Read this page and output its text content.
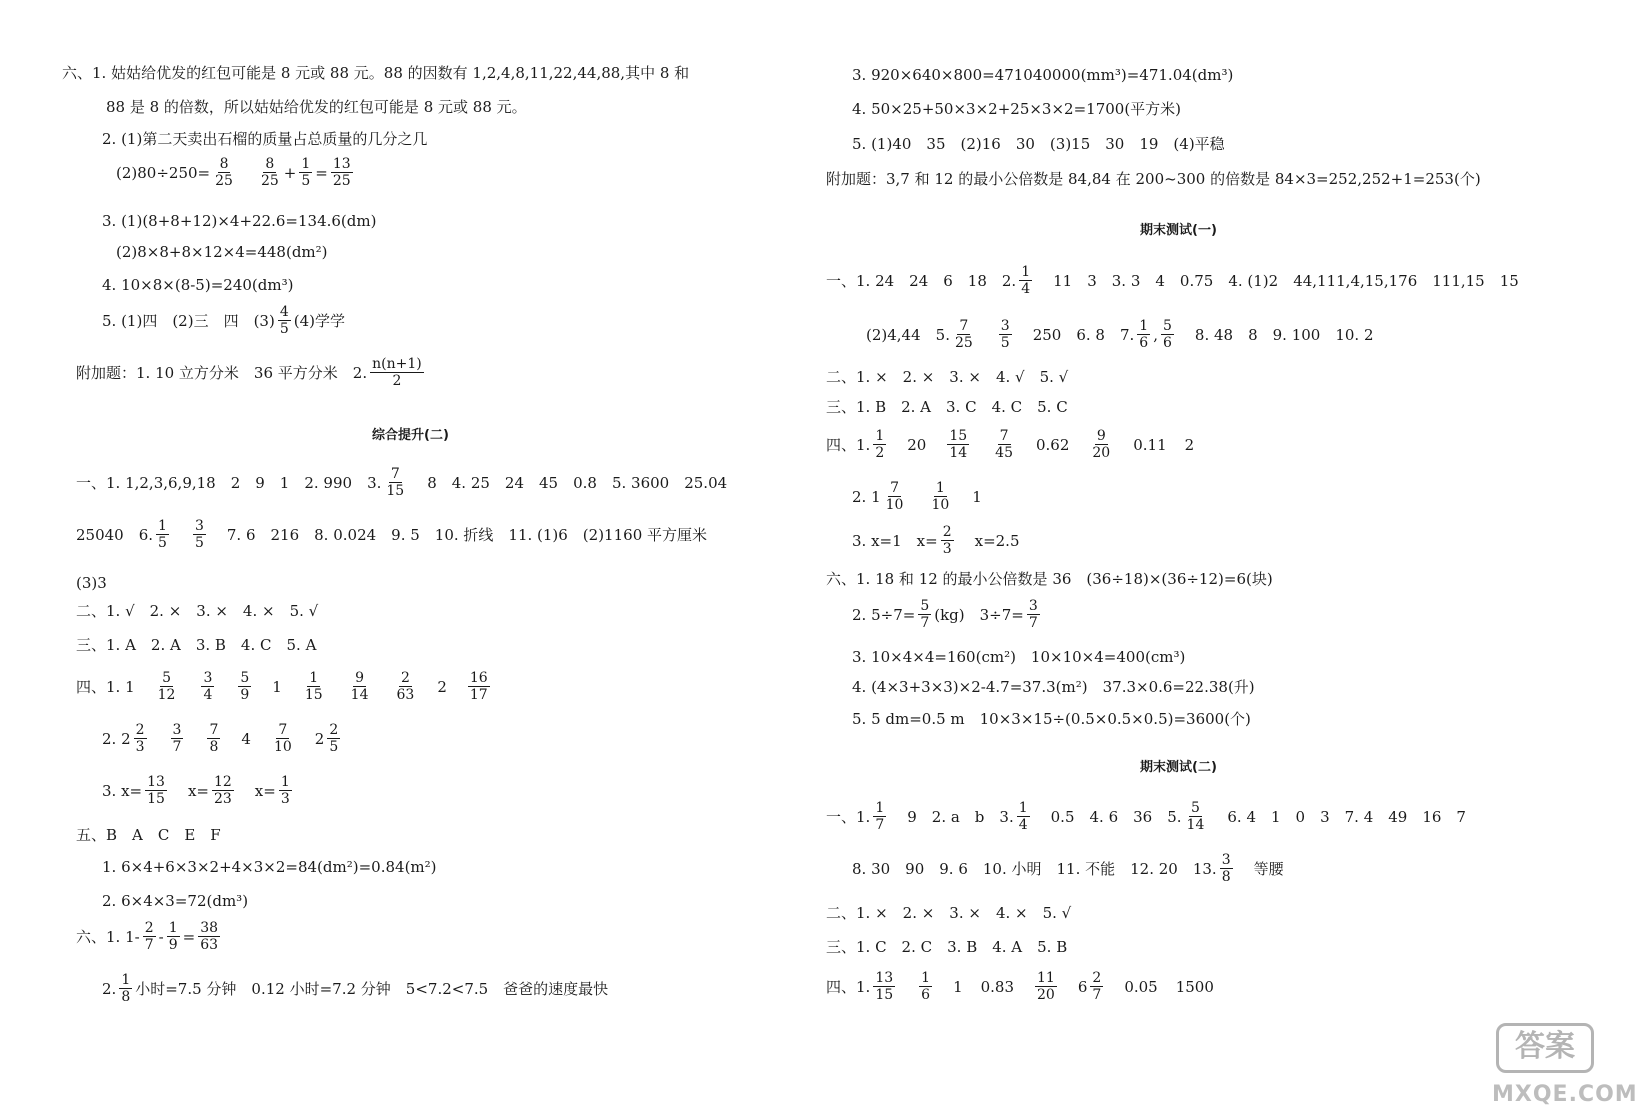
六、1. 姑姑给优发的红包可能是 8 元或 88 元。88 的因数有 1,2,4,8,11,22,44,88,其中 8 和
88 是 8 的倍数，所以姑姑给优发的红包可能是 8 元或 88 元。
2. (1)第二天卖出石榴的质量占总质量的几分之几
$(2)80\div 250= \frac{8}{25} \frac{8}{25} + \frac{1}{5} = \frac{13}{25}$
3. (1)(8+8+12)×4+22.6=134.6(dm)
(2)8×8+8×12×4=448(dm²)
4. 10×8×(8-5)=240(dm³)
5. (1)四　(2)三　四　$(3) \frac{4}{5} (4)$学学
附加题：1. 10 立方分米　36 平方分米　2. $\frac{n(n+1)}{2}$
综合提升(二)
一、1. 1,2,3,6,9,18　2　9　1　2. 990　3. $\frac{7}{15} 8$　4. 25　24　45　0.8　5. 3600　25.04
25040　6. $\frac{1}{5} \frac{3}{5} 7$. 6　216　8. 0.024　9. 5　10. 折线　11. (1)6　(2)1160 平方厘米
(3)3
二、1. √　2. ×　3. ×　4. ×　5. √
三、1. A　2. A　3. B　4. C　5. A
四、1. $1 \frac{5}{12} \frac{3}{4} \frac{5}{9} 1 \frac{1}{15} \frac{9}{14} \frac{2}{63} 2 \frac{16}{17}$
2. $2 \frac{2}{3} \frac{3}{7} \frac{7}{8} 4 \frac{7}{10} 2 \frac{2}{5}$
3. $x= \frac{13}{15} x= \frac{12}{23} x= \frac{1}{3}$
五、B　A　C　E　F
1. 6×4+6×3×2+4×3×2=84(dm²)=0.84(m²)
2. 6×4×3=72(dm³)
六、1. $1- \frac{2}{7} - \frac{1}{9} = \frac{38}{63}$
2. $\frac{1}{8}$ 小时=7.5 分钟　0.12 小时=7.2 分钟　5<7.2<7.5　爸爸的速度最快
3. 920×640×800=471040000(mm³)=471.04(dm³)
4. 50×25+50×3×2+25×3×2=1700(平方米)
5. (1)40　35　(2)16　30　(3)15　30　19　(4)平稳
附加题：3,7 和 12 的最小公倍数是 84,84 在 200~300 的倍数是 84×3=252,252+1=253(个)
期末测试(一)
一、1. 24　24　6　18　2. $\frac{1}{4} 11$　3　3. 3　4　0.75　4. (1)2　44,111,4,15,176　111,15　15
(2)4,44　5. $\frac{7}{25} \frac{3}{5} 250$　6. 8　7. $\frac{1}{6}$ , $\frac{5}{6} 8$. 48　8　9. 100　10. 2
二、1. ×　2. ×　3. ×　4. √　5. √
三、1. B　2. A　3. C　4. C　5. C
四、1. $\frac{1}{2} 20 \frac{15}{14} \frac{7}{45} 0.62 \frac{9}{20} 0.11$ 2
2. $1 \frac{7}{10} \frac{1}{10} 1$
3. x=1　$x= \frac{2}{3} x=2.5$
六、1. 18 和 12 的最小公倍数是 36　(36÷18)×(36÷12)=6(块)
2. $5\div 7= \frac{5}{7} (kg)$　$3\div 7= \frac{3}{7}$
3. 10×4×4=160(cm²)　10×10×4=400(cm³)
4. (4×3+3×3)×2-4.7=37.3(m²)　37.3×0.6=22.38(升)
5. 5 dm=0.5 m　10×3×15÷(0.5×0.5×0.5)=3600(个)
期末测试(二)
一、1. $\frac{1}{7} 9$　2. a　b　3. $\frac{1}{4} 0.5$　4. 6　36　5. $\frac{5}{14} 6$. 4　1　0　3　7. 4　49　16　7
8. 30　90　9. 6　10. 小明　11. 不能　12. 20　13. $\frac{3}{8}$ 等腰
二、1. ×　2. ×　3. ×　4. ×　5. √
三、1. C　2. C　3. B　4. A　5. B
四、1. $\frac{13}{15} \frac{1}{6} 1$ $0.83 \frac{11}{20} 6 \frac{2}{7} 0.05$ 1500
答案
MXQE.COM
